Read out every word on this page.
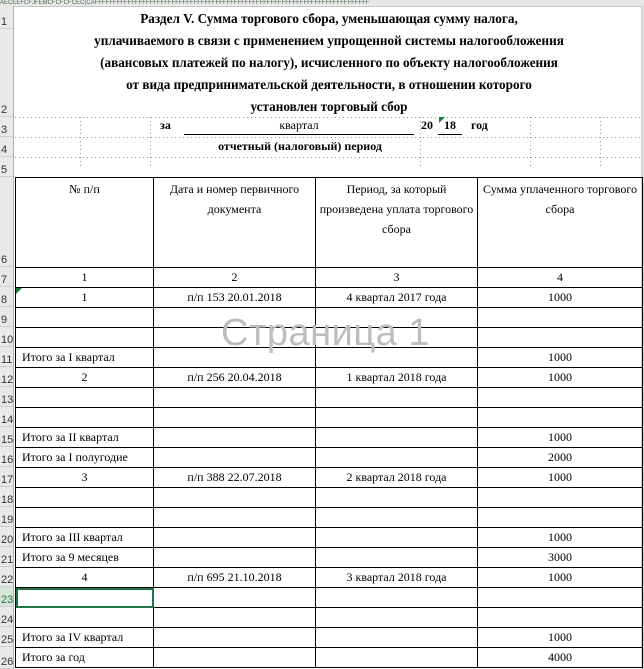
AECEEFCFJFEMCFCFCFCEC(CAFFFFFFFFFFFFFFFFFFFFFFFFFFFFFFFFFFFFFFFFFFFFFFFFFFFFFFFFFFFFFFFFFFFFFFFFFFF
1
2
3
4
5
6
7
8
9
10
11
12
13
14
15
16
17
18
19
20
21
22
23
24
25
26
Раздел V. Сумма торгового сбора, уменьшающая сумму налога,
уплачиваемого в связи с применением упрощенной системы налогообложения
(авансовых платежей по налогу), исчисленного по объекту налогообложения
от вида предпринимательской деятельности, в отношении которого
установлен торговый сбор
за	квартал	20 18	год
отчетный (налоговый) период
№ п/п	Дата и номер первичного документа	Период, за который произведена уплата торгового сбора	Сумма уплаченного торгового сбора
1	2	3	4
1	п/п 153 20.01.2018	4 квартал 2017 года	1000

Итого за I квартал			1000
2	п/п 256 20.04.2018	1 квартал 2018 года	1000

Итого за II квартал			1000
Итого за I полугодие			2000
3	п/п 388 22.07.2018	2 квартал 2018 года	1000

Итого за III квартал			1000
Итого за 9 месяцев			3000
4	п/п 695 21.10.2018	3 квартал 2018 года	1000

Итого за IV квартал			1000
Итого за год			4000
Страница 1
